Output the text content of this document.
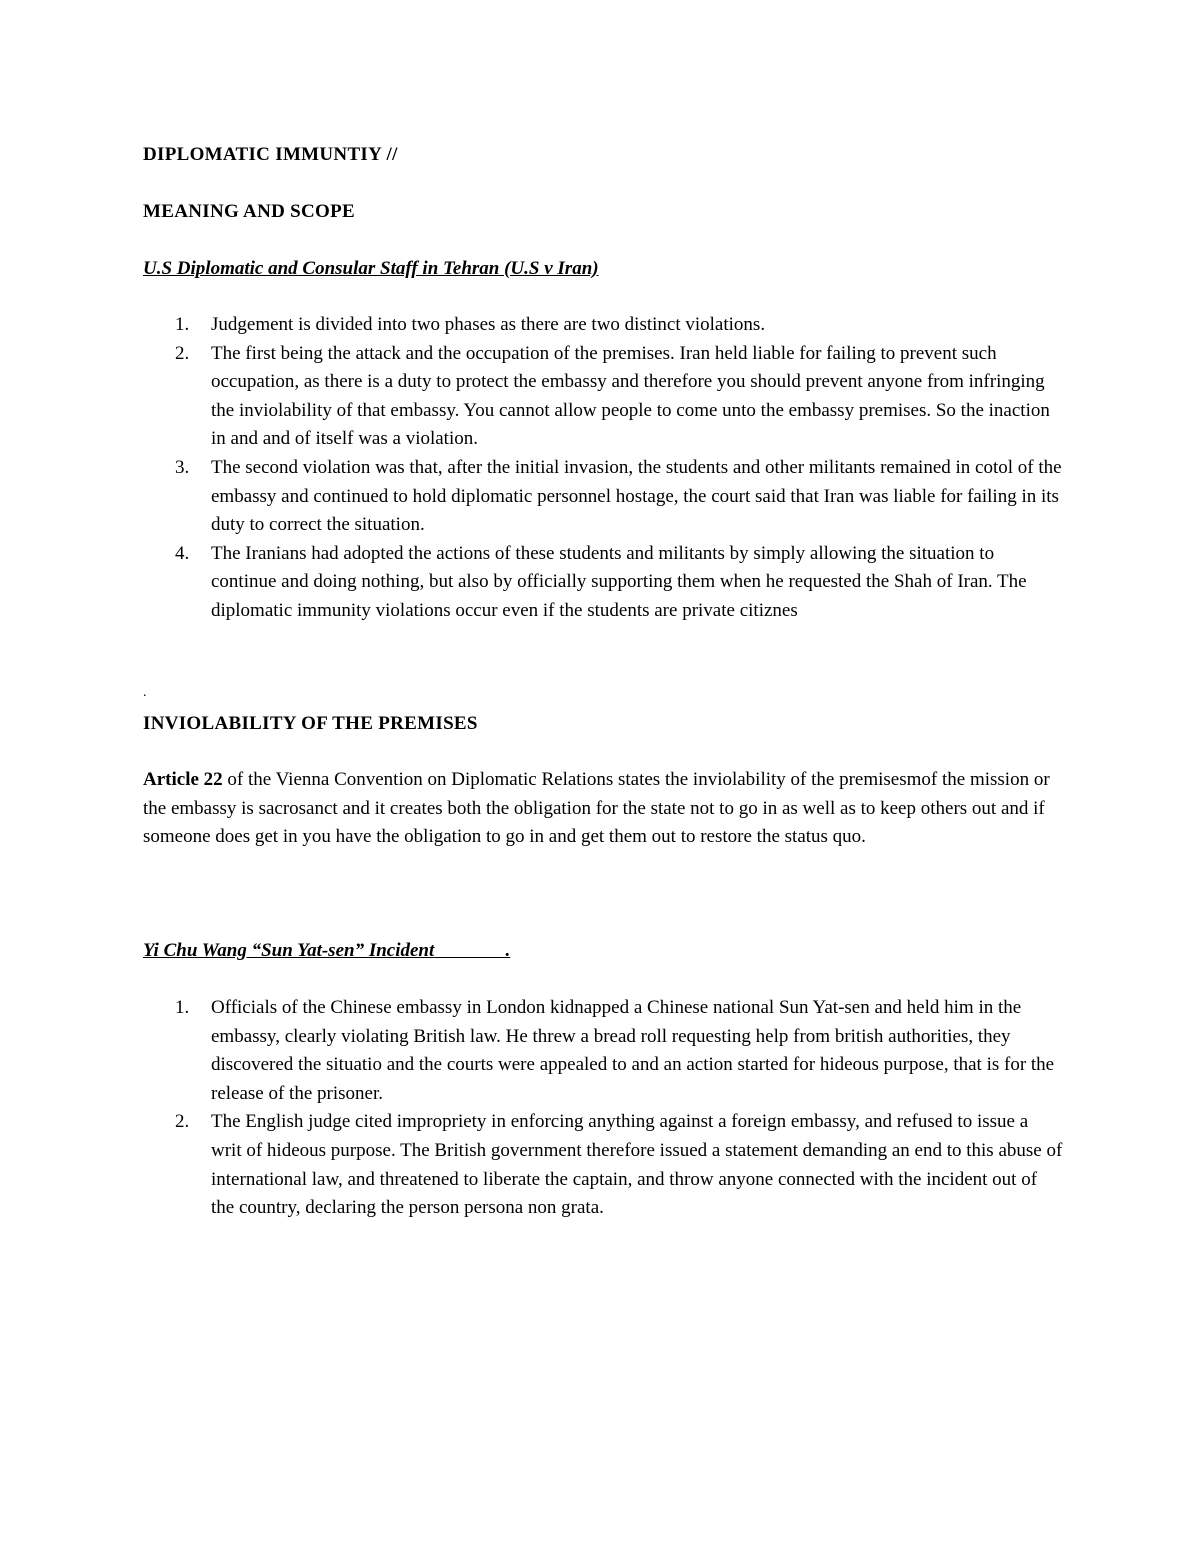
DIPLOMATIC IMMUNTIY //
MEANING AND SCOPE
U.S Diplomatic and Consular Staff in Tehran (U.S v Iran)
1. Judgement is divided into two phases as there are two distinct violations.
2. The first being the attack and the occupation of the premises. Iran held liable for failing to prevent such occupation, as there is a duty to protect the embassy and therefore you should prevent anyone from infringing the inviolability of that embassy. You cannot allow people to come unto the embassy premises. So the inaction in and and of itself was a violation.
3. The second violation was that, after the initial invasion, the students and other militants remained in cotol of the embassy and continued to hold diplomatic personnel hostage, the court said that Iran was liable for failing in its duty to correct the situation.
4. The Iranians had adopted the actions of these students and militants by simply allowing the situation to continue and doing nothing, but also by officially supporting them when he requested the Shah of Iran. The diplomatic immunity violations occur even if the students are private citiznes
.
INVIOLABILITY OF THE PREMISES

Article 22 of the Vienna Convention on Diplomatic Relations states the inviolability of the premisesmof the mission or the embassy is sacrosanct and it creates both the obligation for the state not to go in as well as to keep others out and if someone does get in you have the obligation to go in and get them out to restore the status quo.

Yi Chu Wang “Sun Yat-sen” Incident               .
1. Officials of the Chinese embassy in London kidnapped a Chinese national Sun Yat-sen and held him in the embassy, clearly violating British law. He threw a bread roll requesting help from british authorities, they discovered the situatio and the courts were appealed to and an action started for hideous purpose, that is for the release of the prisoner.
2. The English judge cited impropriety in enforcing anything against a foreign embassy, and refused to issue a writ of hideous purpose. The British government therefore issued a statement demanding an end to this abuse of international law, and threatened to liberate the captain, and throw anyone connected with the incident out of the country, declaring the person persona non grata.
